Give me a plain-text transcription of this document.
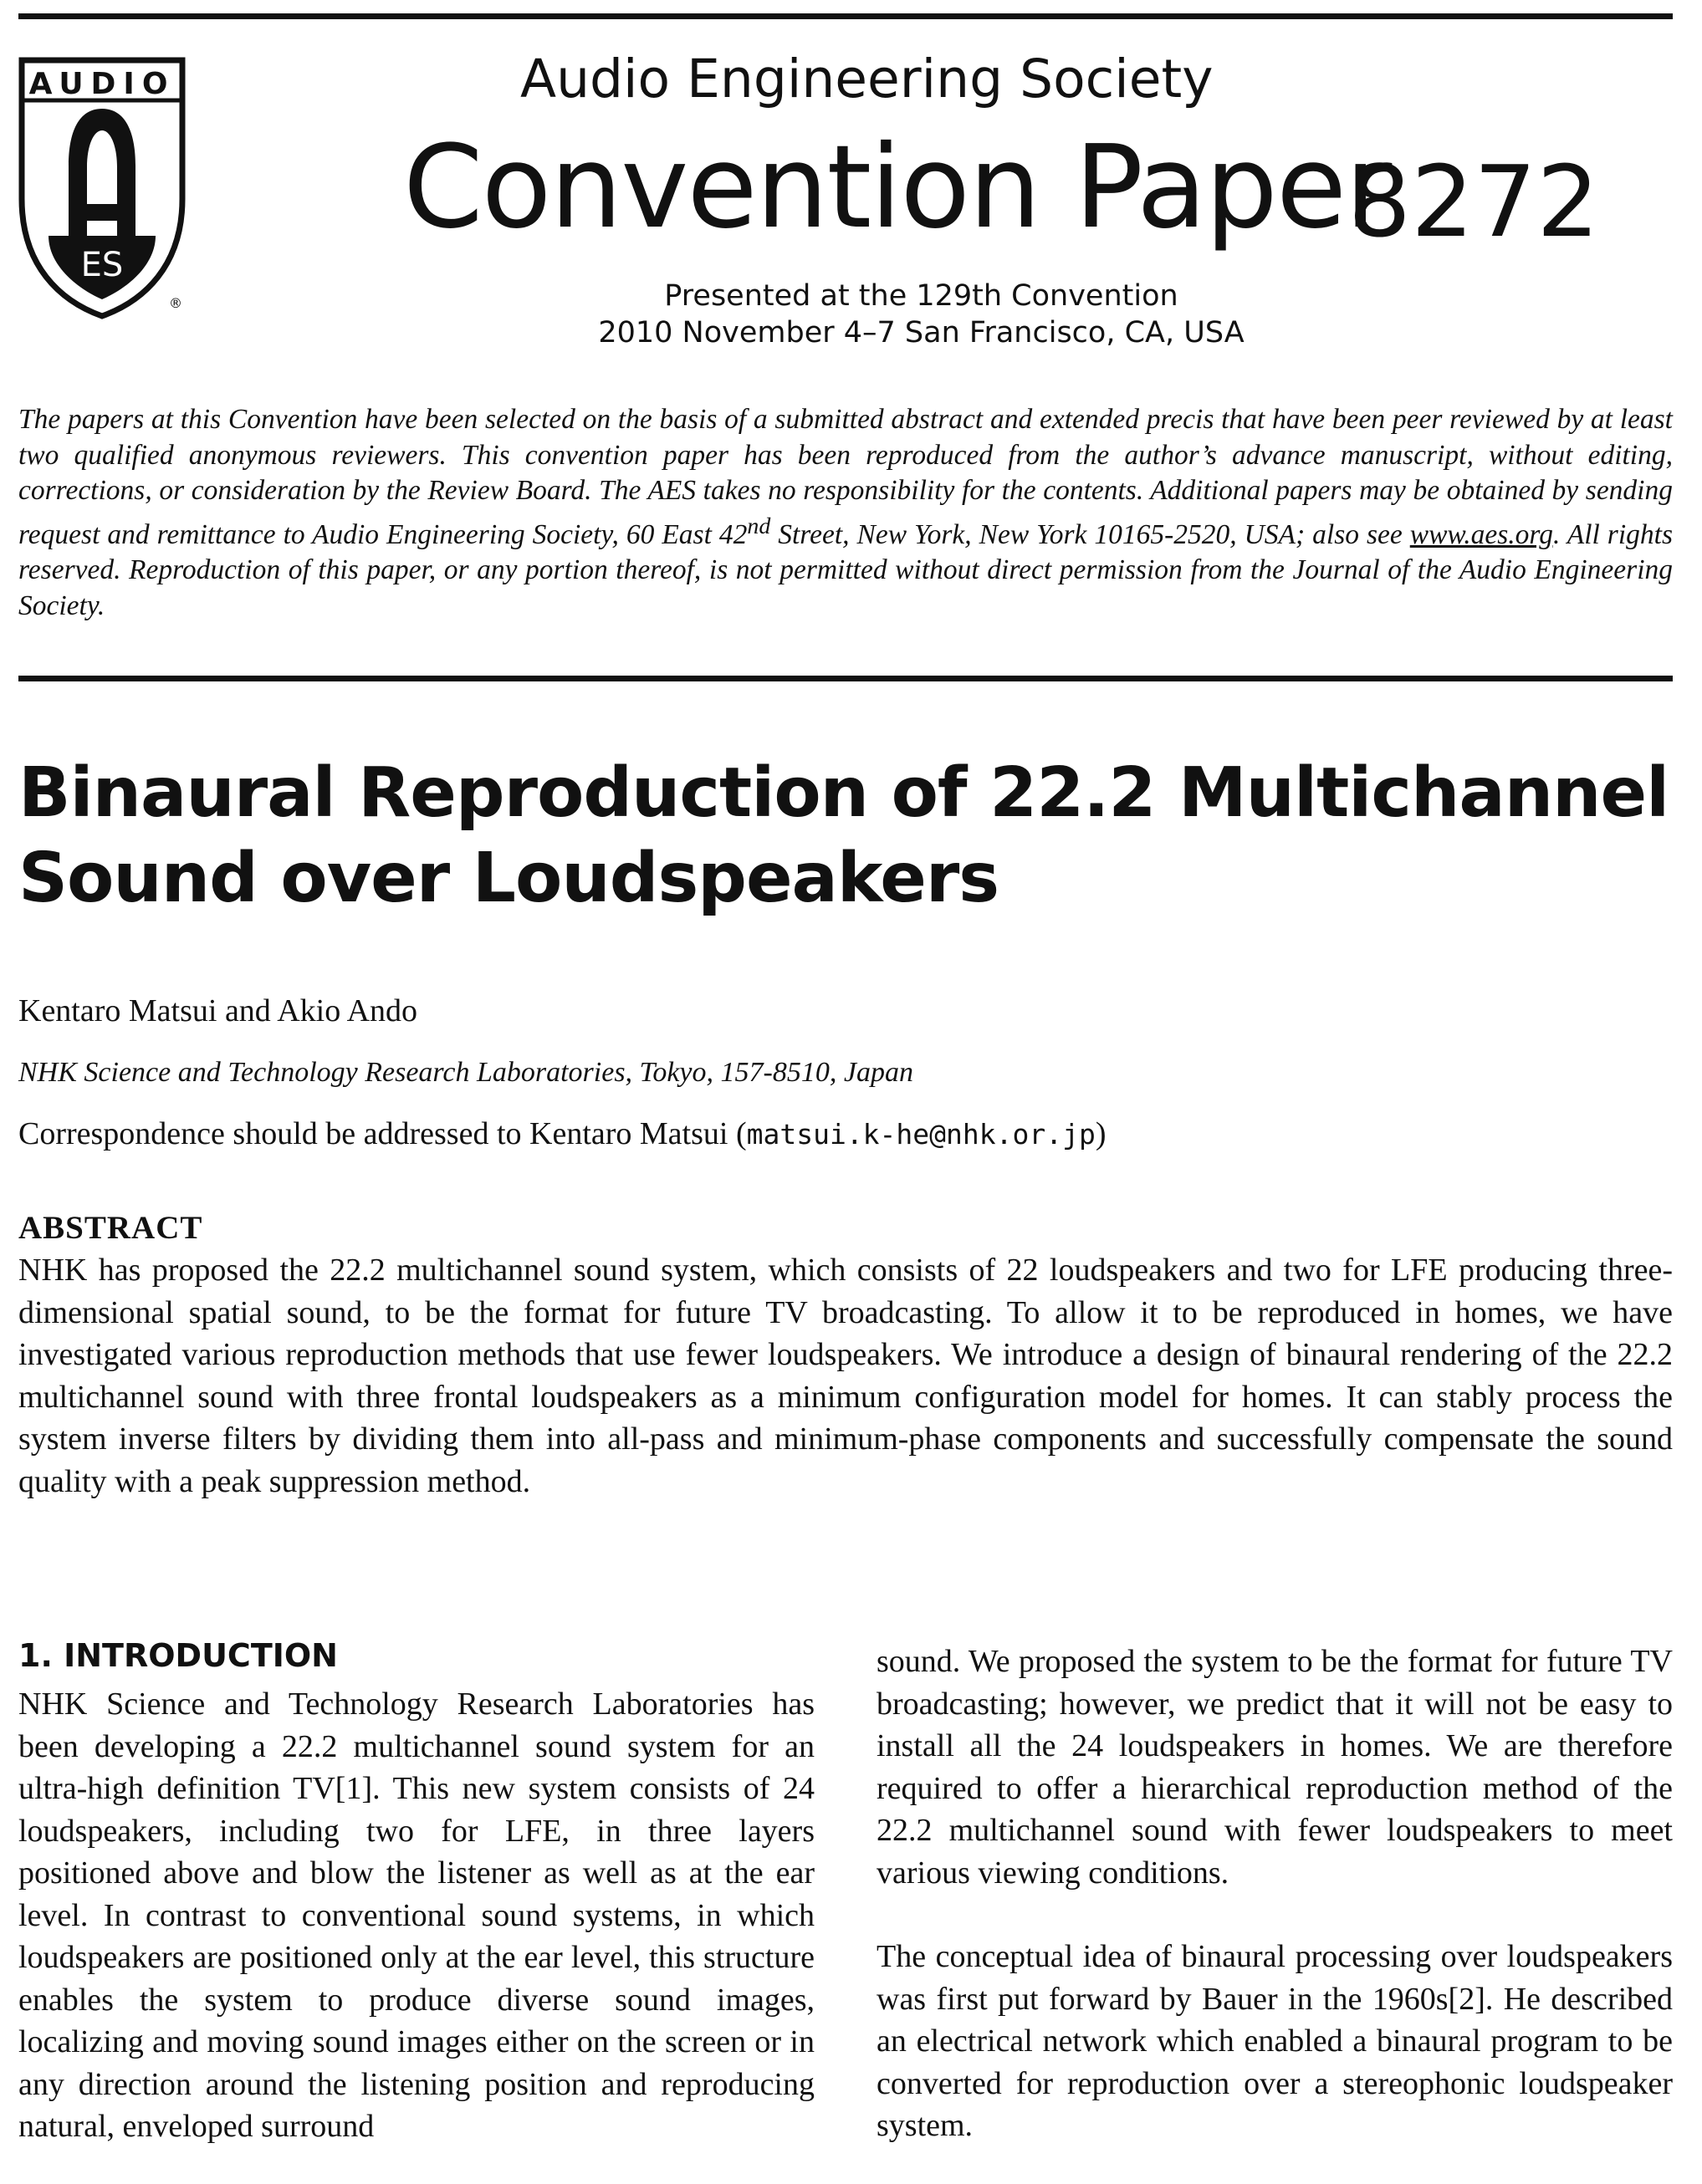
AUDIO
ES
®
Audio Engineering Society
Convention Paper
8272
Presented at the 129th Convention
2010 November 4–7 San Francisco, CA, USA
The papers at this Convention have been selected on the basis of a submitted abstract and extended precis that have been peer reviewed by at least two qualified anonymous reviewers. This convention paper has been reproduced from the author’s advance manuscript, without editing, corrections, or consideration by the Review Board. The AES takes no responsibility for the contents. Additional papers may be obtained by sending request and remittance to Audio Engineering Society, 60 East 42nd Street, New York, New York 10165-2520, USA; also see www.aes.org. All rights reserved. Reproduction of this paper, or any portion thereof, is not permitted without direct permission from the Journal of the Audio Engineering Society.
Binaural Reproduction of 22.2 Multichannel
Sound over Loudspeakers
Kentaro Matsui and Akio Ando
NHK Science and Technology Research Laboratories, Tokyo, 157-8510, Japan
Correspondence should be addressed to Kentaro Matsui (matsui.k-he@nhk.or.jp)
ABSTRACT
NHK has proposed the 22.2 multichannel sound system, which consists of 22 loudspeakers and two for LFE producing three-dimensional spatial sound, to be the format for future TV broadcasting. To allow it to be reproduced in homes, we have investigated various reproduction methods that use fewer loudspeakers. We introduce a design of binaural rendering of the 22.2 multichannel sound with three frontal loudspeakers as a minimum configuration model for homes. It can stably process the system inverse filters by dividing them into all-pass and minimum-phase components and successfully compensate the sound quality with a peak suppression method.
1. INTRODUCTION
NHK Science and Technology Research Laboratories has been developing a 22.2 multichannel sound system for an ultra-high definition TV[1]. This new system consists of 24 loudspeakers, including two for LFE, in three layers positioned above and blow the listener as well as at the ear level. In contrast to conventional sound systems, in which loudspeakers are positioned only at the ear level, this structure enables the system to produce diverse sound images, localizing and moving sound images either on the screen or in any direction around the listening position and reproducing natural, enveloped surround

sound. We proposed the system to be the format for future TV broadcasting; however, we predict that it will not be easy to install all the 24 loudspeakers in homes. We are therefore required to offer a hierarchical reproduction method of the 22.2 multichannel sound with fewer loudspeakers to meet various viewing conditions.

The conceptual idea of binaural processing over loudspeakers was first put forward by Bauer in the 1960s[2]. He described an electrical network which enabled a binaural program to be converted for reproduction over a stereophonic loudspeaker system.
